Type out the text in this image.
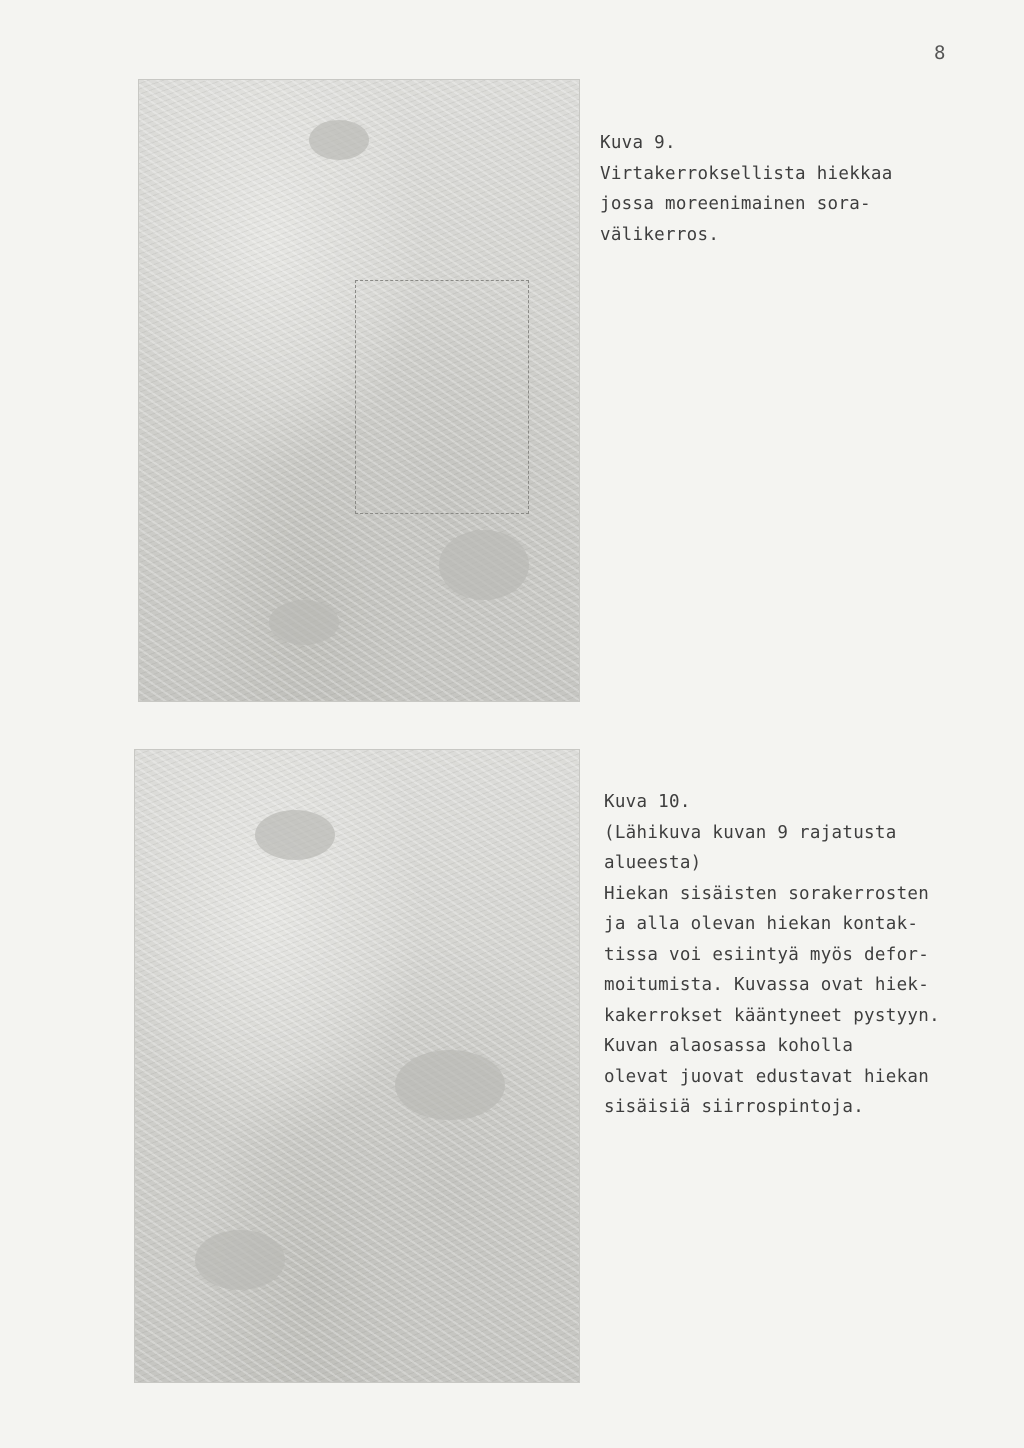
8
Kuva 9.
Virtakerroksellista hiekkaa
jossa moreenimainen sora-
välikerros.
Kuva 10.
(Lähikuva kuvan 9 rajatusta
alueesta)
Hiekan sisäisten sorakerrosten
ja alla olevan hiekan kontak-
tissa voi esiintyä myös defor-
moitumista. Kuvassa ovat hiek-
kakerrokset kääntyneet pystyyn.
Kuvan alaosassa koholla
olevat juovat edustavat hiekan
sisäisiä siirrospintoja.
